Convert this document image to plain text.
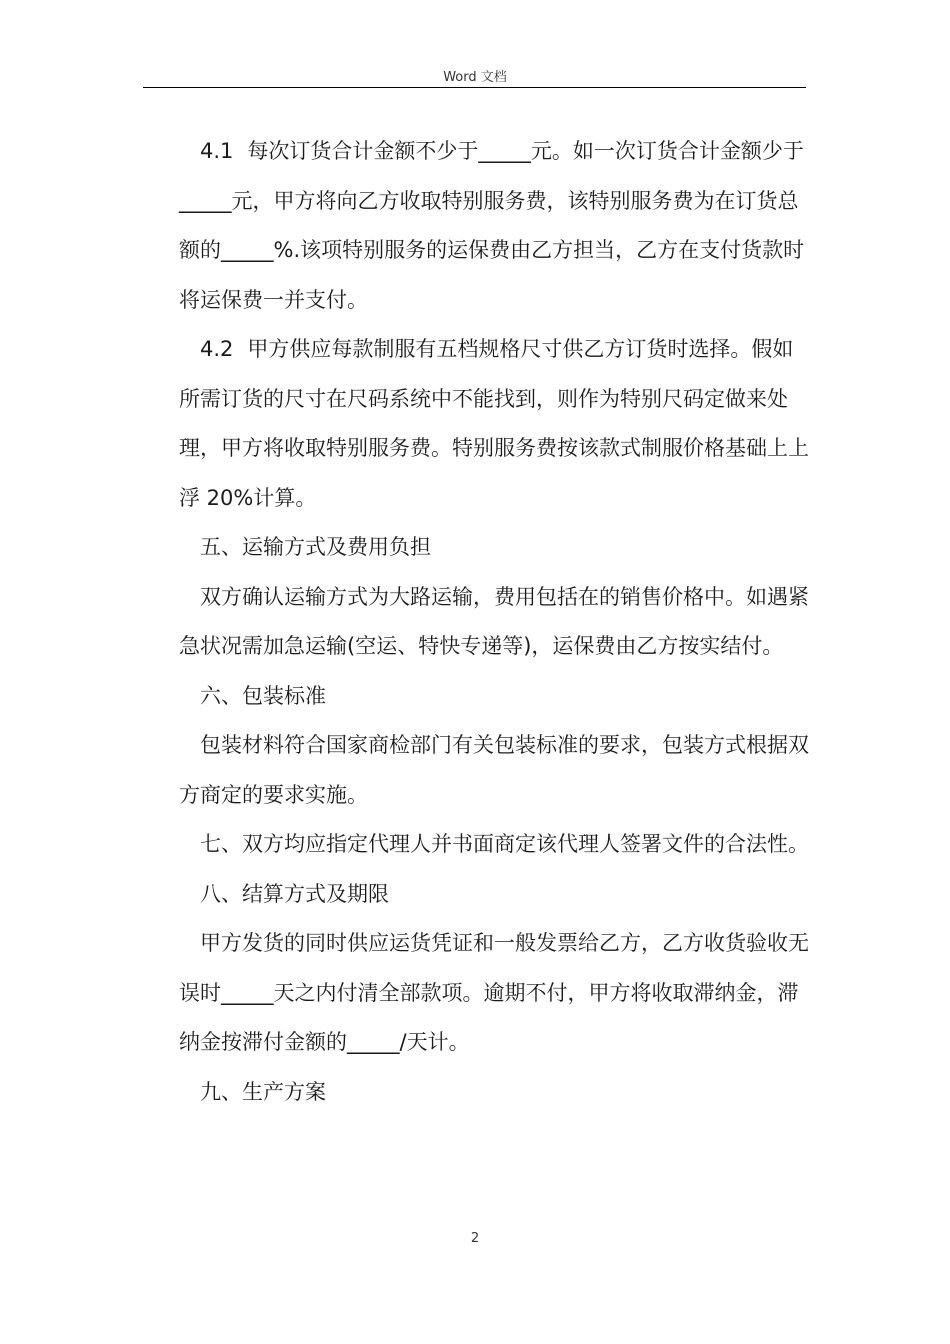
Word 文档

4.1 每次订货合计金额不少于_____元。如一次订货合计金额少于_____元，甲方将向乙方收取特别服务费，该特别服务费为在订货总额的_____%.该项特别服务的运保费由乙方担当，乙方在支付货款时将运保费一并支付。

4.2 甲方供应每款制服有五档规格尺寸供乙方订货时选择。假如所需订货的尺寸在尺码系统中不能找到，则作为特别尺码定做来处理，甲方将收取特别服务费。特别服务费按该款式制服价格基础上上浮 20%计算。

五、运输方式及费用负担

双方确认运输方式为大路运输，费用包括在的销售价格中。如遇紧急状况需加急运输(空运、特快专递等)，运保费由乙方按实结付。

六、包装标准

包装材料符合国家商检部门有关包装标准的要求，包装方式根据双方商定的要求实施。

七、双方均应指定代理人并书面商定该代理人签署文件的合法性。

八、结算方式及期限

甲方发货的同时供应运货凭证和一般发票给乙方，乙方收货验收无误时_____天之内付清全部款项。逾期不付，甲方将收取滞纳金，滞纳金按滞付金额的_____/天计。

九、生产方案

2
